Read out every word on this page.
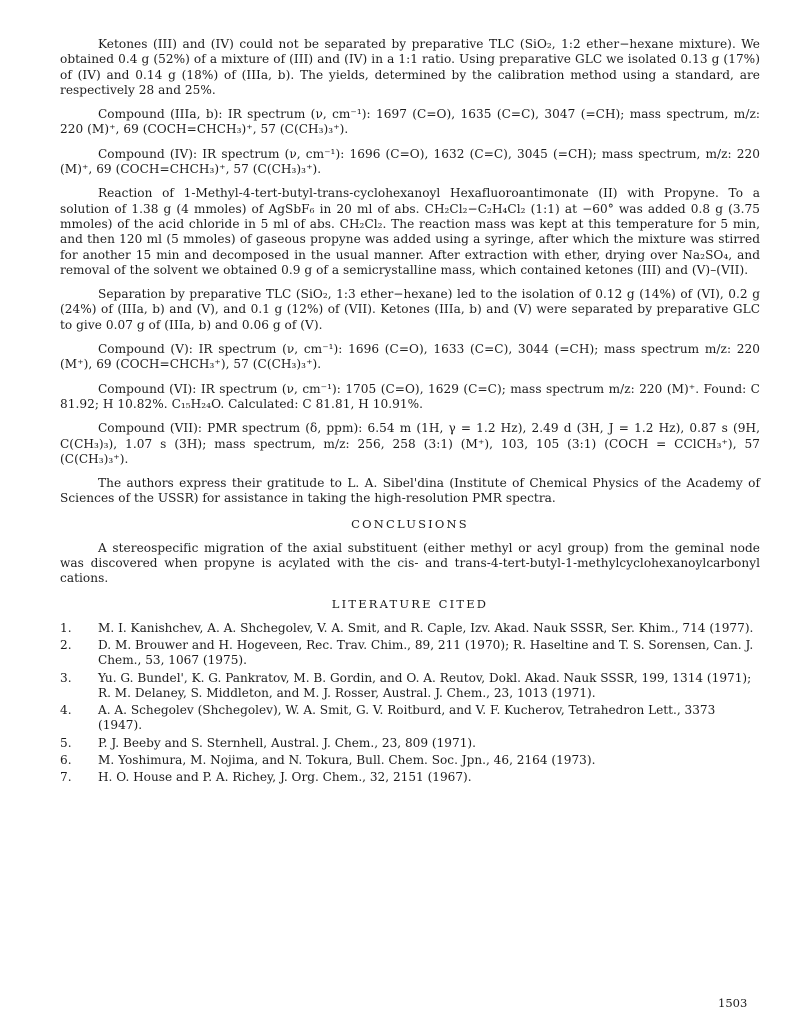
Ketones (III) and (IV) could not be separated by preparative TLC (SiO₂, 1:2 ether−hexane mixture). We obtained 0.4 g (52%) of a mixture of (III) and (IV) in a 1:1 ratio. Using preparative GLC we isolated 0.13 g (17%) of (IV) and 0.14 g (18%) of (IIIa, b). The yields, determined by the calibration method using a standard, are respectively 28 and 25%.

Compound (IIIa, b): IR spectrum (ν, cm⁻¹): 1697 (C=O), 1635 (C=C), 3047 (=CH); mass spectrum, m/z: 220 (M)⁺, 69 (COCH=CHCH₃)⁺, 57 (C(CH₃)₃⁺).

Compound (IV): IR spectrum (ν, cm⁻¹): 1696 (C=O), 1632 (C=C), 3045 (=CH); mass spectrum, m/z: 220 (M)⁺, 69 (COCH=CHCH₃)⁺, 57 (C(CH₃)₃⁺).

Reaction of 1-Methyl-4-tert-butyl-trans-cyclohexanoyl Hexafluoroantimonate (II) with Propyne. To a solution of 1.38 g (4 mmoles) of AgSbF₆ in 20 ml of abs. CH₂Cl₂−C₂H₄Cl₂ (1:1) at −60° was added 0.8 g (3.75 mmoles) of the acid chloride in 5 ml of abs. CH₂Cl₂. The reaction mass was kept at this temperature for 5 min, and then 120 ml (5 mmoles) of gaseous propyne was added using a syringe, after which the mixture was stirred for another 15 min and decomposed in the usual manner. After extraction with ether, drying over Na₂SO₄, and removal of the solvent we obtained 0.9 g of a semicrystalline mass, which contained ketones (III) and (V)–(VII).

Separation by preparative TLC (SiO₂, 1:3 ether−hexane) led to the isolation of 0.12 g (14%) of (VI), 0.2 g (24%) of (IIIa, b) and (V), and 0.1 g (12%) of (VII). Ketones (IIIa, b) and (V) were separated by preparative GLC to give 0.07 g of (IIIa, b) and 0.06 g of (V).

Compound (V): IR spectrum (ν, cm⁻¹): 1696 (C=O), 1633 (C=C), 3044 (=CH); mass spectrum m/z: 220 (M⁺), 69 (COCH=CHCH₃⁺), 57 (C(CH₃)₃⁺).

Compound (VI): IR spectrum (ν, cm⁻¹): 1705 (C=O), 1629 (C=C); mass spectrum m/z: 220 (M)⁺. Found: C 81.92; H 10.82%. C₁₅H₂₄O. Calculated: C 81.81, H 10.91%.

Compound (VII): PMR spectrum (δ, ppm): 6.54 m (1H, γ = 1.2 Hz), 2.49 d (3H, J = 1.2 Hz), 0.87 s (9H, C(CH₃)₃), 1.07 s (3H); mass spectrum, m/z: 256, 258 (3:1) (M⁺), 103, 105 (3:1) (COCH = CClCH₃⁺), 57 (C(CH₃)₃⁺).

The authors express their gratitude to L. A. Sibel'dina (Institute of Chemical Physics of the Academy of Sciences of the USSR) for assistance in taking the high-resolution PMR spectra.

CONCLUSIONS

A stereospecific migration of the axial substituent (either methyl or acyl group) from the geminal node was discovered when propyne is acylated with the cis- and trans-4-tert-butyl-1-methylcyclohexanoylcarbonyl cations.

LITERATURE CITED
1. M. I. Kanishchev, A. A. Shchegolev, V. A. Smit, and R. Caple, Izv. Akad. Nauk SSSR, Ser. Khim., 714 (1977).
2. D. M. Brouwer and H. Hogeveen, Rec. Trav. Chim., 89, 211 (1970); R. Haseltine and T. S. Sorensen, Can. J. Chem., 53, 1067 (1975).
3. Yu. G. Bundel', K. G. Pankratov, M. B. Gordin, and O. A. Reutov, Dokl. Akad. Nauk SSSR, 199, 1314 (1971); R. M. Delaney, S. Middleton, and M. J. Rosser, Austral. J. Chem., 23, 1013 (1971).
4. A. A. Schegolev (Shchegolev), W. A. Smit, G. V. Roitburd, and V. F. Kucherov, Tetrahedron Lett., 3373 (1947).
5. P. J. Beeby and S. Sternhell, Austral. J. Chem., 23, 809 (1971).
6. M. Yoshimura, M. Nojima, and N. Tokura, Bull. Chem. Soc. Jpn., 46, 2164 (1973).
7. H. O. House and P. A. Richey, J. Org. Chem., 32, 2151 (1967).
1503
